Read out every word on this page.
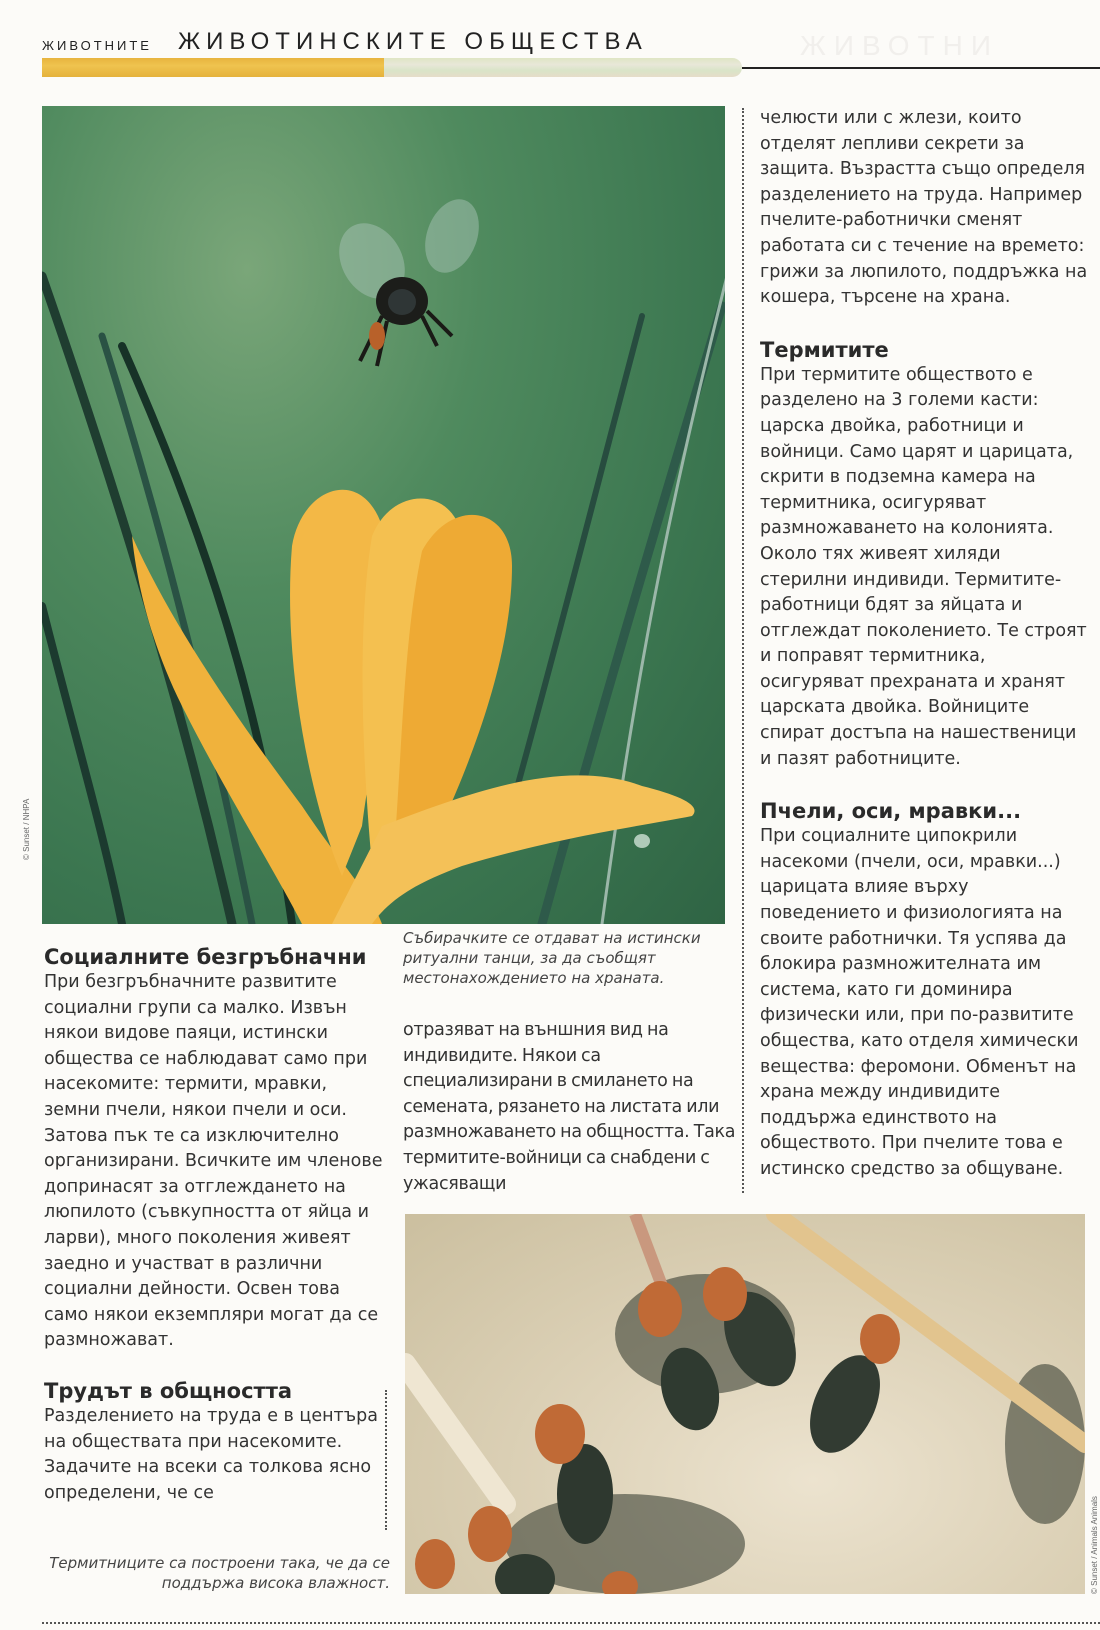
ЖИВОТНИТЕ ЖИВОТИНСКИТЕ ОБЩЕСТВА	ЖИВОТНИ
© Sunset / NHPA
Събирачките се отдават на истински ритуални танци, за да съобщят местонахождението на храната.
Термитниците са построени така, че да се поддържа висока влажност.

челюсти или с жлези, които отделят лепливи секрети за защита. Възрастта също определя разделението на труда. Например пчелите-работнички сменят работата си с течение на времето: грижи за люпилото, поддръжка на кошера, търсене на храна.

Термитите

При термитите обществото е разделено на 3 големи касти: царска двойка, работници и войници. Само царят и царицата, скрити в подземна камера на термитника, осигуряват размножаването на колонията. Около тях живеят хиляди стерилни индивиди. Термитите-работници бдят за яйцата и отглеждат поколението. Те строят и поправят термитника, осигуряват прехраната и хранят царската двойка. Войниците спират достъпа на нашественици и пазят работниците.

Пчели, оси, мравки...

При социалните ципокрили насекоми (пчели, оси, мравки...) царицата влияе върху поведението и физиологията на своите работнички. Тя успява да блокира размножителната им система, като ги доминира физически или, при по-развитите общества, като отделя химически вещества: феромони. Обменът на храна между индивидите поддържа единството на обществото. При пчелите това е истинско средство за общуване.

Социалните безгръбначни

При безгръбначните развитите социални групи са малко. Извън някои видове паяци, истински общества се наблюдават само при насекомите: термити, мравки, земни пчели, някои пчели и оси. Затова пък те са изключително организирани. Всичките им членове допринасят за отглеждането на люпилото (съвкупността от яйца и ларви), много поколения живеят заедно и участват в различни социални дейности. Освен това само някои екземпляри могат да се размножават.

Трудът в общността

Разделението на труда е в центъра на обществата при насекомите. Задачите на всеки са толкова ясно определени, че се

© Sunset / Animals Animals

отразяват на външния вид на индивидите. Някои са специализирани в смилането на семената, рязането на листата или размножаването на общността. Така термитите-войници са снабдени с ужасяващи
